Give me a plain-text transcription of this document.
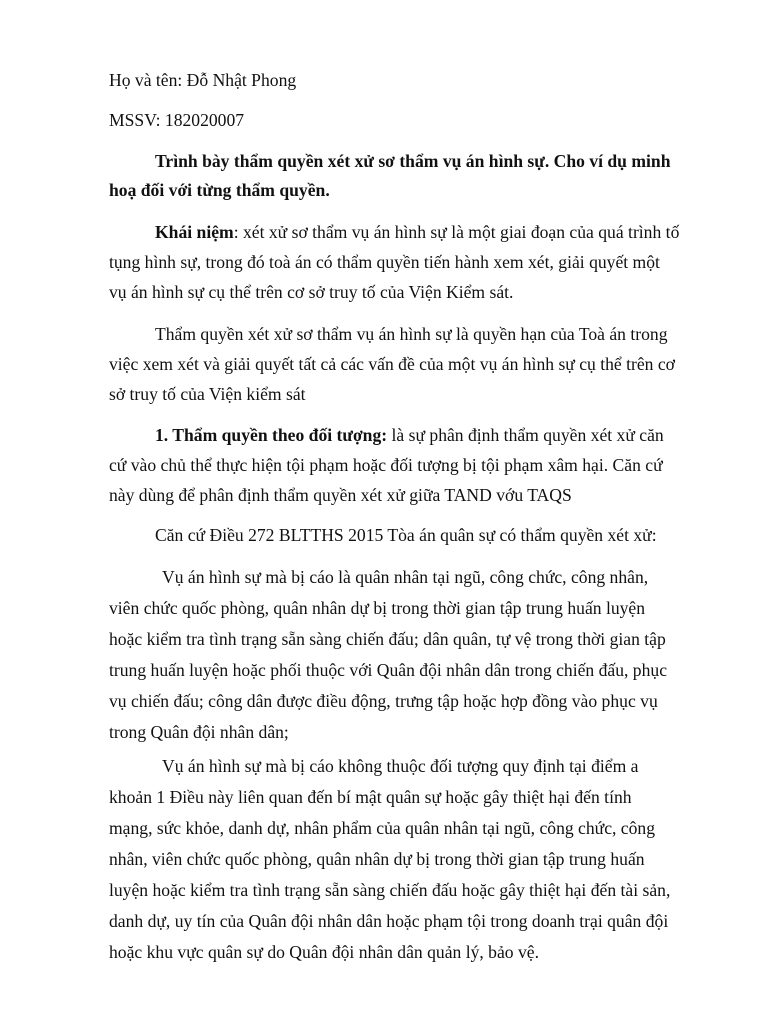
Họ và tên: Đỗ Nhật Phong
MSSV: 182020007
Trình bày thẩm quyền xét xử sơ thẩm vụ án hình sự. Cho ví dụ minh
hoạ đối với từng thẩm quyền.
Khái niệm: xét xử sơ thẩm vụ án hình sự là một giai đoạn của quá trình tố
tụng hình sự, trong đó toà án có thẩm quyền tiến hành xem xét, giải quyết một
vụ án hình sự cụ thể trên cơ sở truy tố của Viện Kiểm sát.
Thẩm quyền xét xử sơ thẩm vụ án hình sự là quyền hạn của Toà án trong
việc xem xét và giải quyết tất cả các vấn đề của một vụ án hình sự cụ thể trên cơ
sở truy tố của Viện kiểm sát
1. Thẩm quyền theo đối tượng: là sự phân định thẩm quyền xét xử căn
cứ vào chủ thể thực hiện tội phạm hoặc đối tượng bị tội phạm xâm hại. Căn cứ
này dùng để phân định thẩm quyền xét xử giữa TAND vớu TAQS
Căn cứ Điều 272 BLTTHS 2015 Tòa án quân sự có thẩm quyền xét xử:
Vụ án hình sự mà bị cáo là quân nhân tại ngũ, công chức, công nhân,
viên chức quốc phòng, quân nhân dự bị trong thời gian tập trung huấn luyện
hoặc kiểm tra tình trạng sẵn sàng chiến đấu; dân quân, tự vệ trong thời gian tập
trung huấn luyện hoặc phối thuộc với Quân đội nhân dân trong chiến đấu, phục
vụ chiến đấu; công dân được điều động, trưng tập hoặc hợp đồng vào phục vụ
trong Quân đội nhân dân;
Vụ án hình sự mà bị cáo không thuộc đối tượng quy định tại điểm a
khoản 1 Điều này liên quan đến bí mật quân sự hoặc gây thiệt hại đến tính
mạng, sức khỏe, danh dự, nhân phẩm của quân nhân tại ngũ, công chức, công
nhân, viên chức quốc phòng, quân nhân dự bị trong thời gian tập trung huấn
luyện hoặc kiểm tra tình trạng sẵn sàng chiến đấu hoặc gây thiệt hại đến tài sản,
danh dự, uy tín của Quân đội nhân dân hoặc phạm tội trong doanh trại quân đội
hoặc khu vực quân sự do Quân đội nhân dân quản lý, bảo vệ.
